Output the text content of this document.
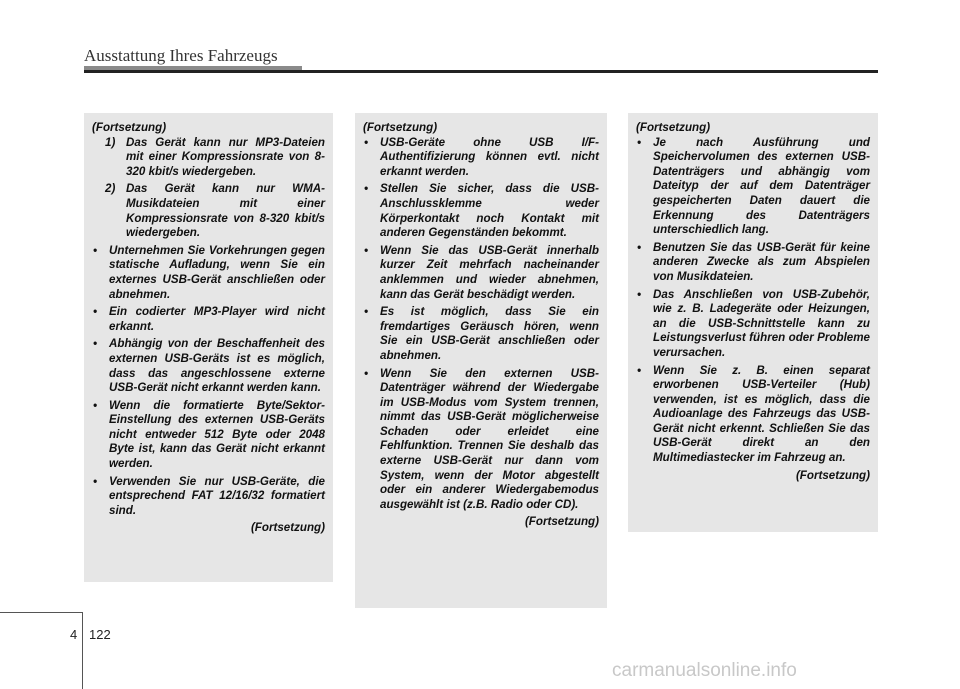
Ausstattung Ihres Fahrzeugs
(Fortsetzung)
1) Das Gerät kann nur MP3-Dateien mit einer Kompressionsrate von 8-320 kbit/s wiedergeben.
2) Das Gerät kann nur WMA-Musikdateien mit einer Kompressionsrate von 8-320 kbit/s wiedergeben.
• Unternehmen Sie Vorkehrungen gegen statische Aufladung, wenn Sie ein externes USB-Gerät anschließen oder abnehmen.
• Ein codierter MP3-Player wird nicht erkannt.
• Abhängig von der Beschaffenheit des externen USB-Geräts ist es möglich, dass das angeschlossene externe USB-Gerät nicht erkannt werden kann.
• Wenn die formatierte Byte/Sektor-Einstellung des externen USB-Geräts nicht entweder 512 Byte oder 2048 Byte ist, kann das Gerät nicht erkannt werden.
• Verwenden Sie nur USB-Geräte, die entsprechend FAT 12/16/32 formatiert sind.
(Fortsetzung)
(Fortsetzung)
• USB-Geräte ohne USB I/F-Authentifizierung können evtl. nicht erkannt werden.
• Stellen Sie sicher, dass die USB-Anschlussklemme weder Körperkontakt noch Kontakt mit anderen Gegenständen bekommt.
• Wenn Sie das USB-Gerät innerhalb kurzer Zeit mehrfach nacheinander anklemmen und wieder abnehmen, kann das Gerät beschädigt werden.
• Es ist möglich, dass Sie ein fremdartiges Geräusch hören, wenn Sie ein USB-Gerät anschließen oder abnehmen.
• Wenn Sie den externen USB-Datenträger während der Wiedergabe im USB-Modus vom System trennen, nimmt das USB-Gerät möglicherweise Schaden oder erleidet eine Fehlfunktion. Trennen Sie deshalb das externe USB-Gerät nur dann vom System, wenn der Motor abgestellt oder ein anderer Wiedergabemodus ausgewählt ist (z.B. Radio oder CD).
(Fortsetzung)
(Fortsetzung)
• Je nach Ausführung und Speichervolumen des externen USB-Datenträgers und abhängig vom Dateityp der auf dem Datenträger gespeicherten Daten dauert die Erkennung des Datenträgers unterschiedlich lang.
• Benutzen Sie das USB-Gerät für keine anderen Zwecke als zum Abspielen von Musikdateien.
• Das Anschließen von USB-Zubehör, wie z. B. Ladegeräte oder Heizungen, an die USB-Schnittstelle kann zu Leistungsverlust führen oder Probleme verursachen.
• Wenn Sie z. B. einen separat erworbenen USB-Verteiler (Hub) verwenden, ist es möglich, dass die Audioanlage des Fahrzeugs das USB-Gerät nicht erkennt. Schließen Sie das USB-Gerät direkt an den Multimediastecker im Fahrzeug an.
(Fortsetzung)
4 122
carmanualsonline.info
